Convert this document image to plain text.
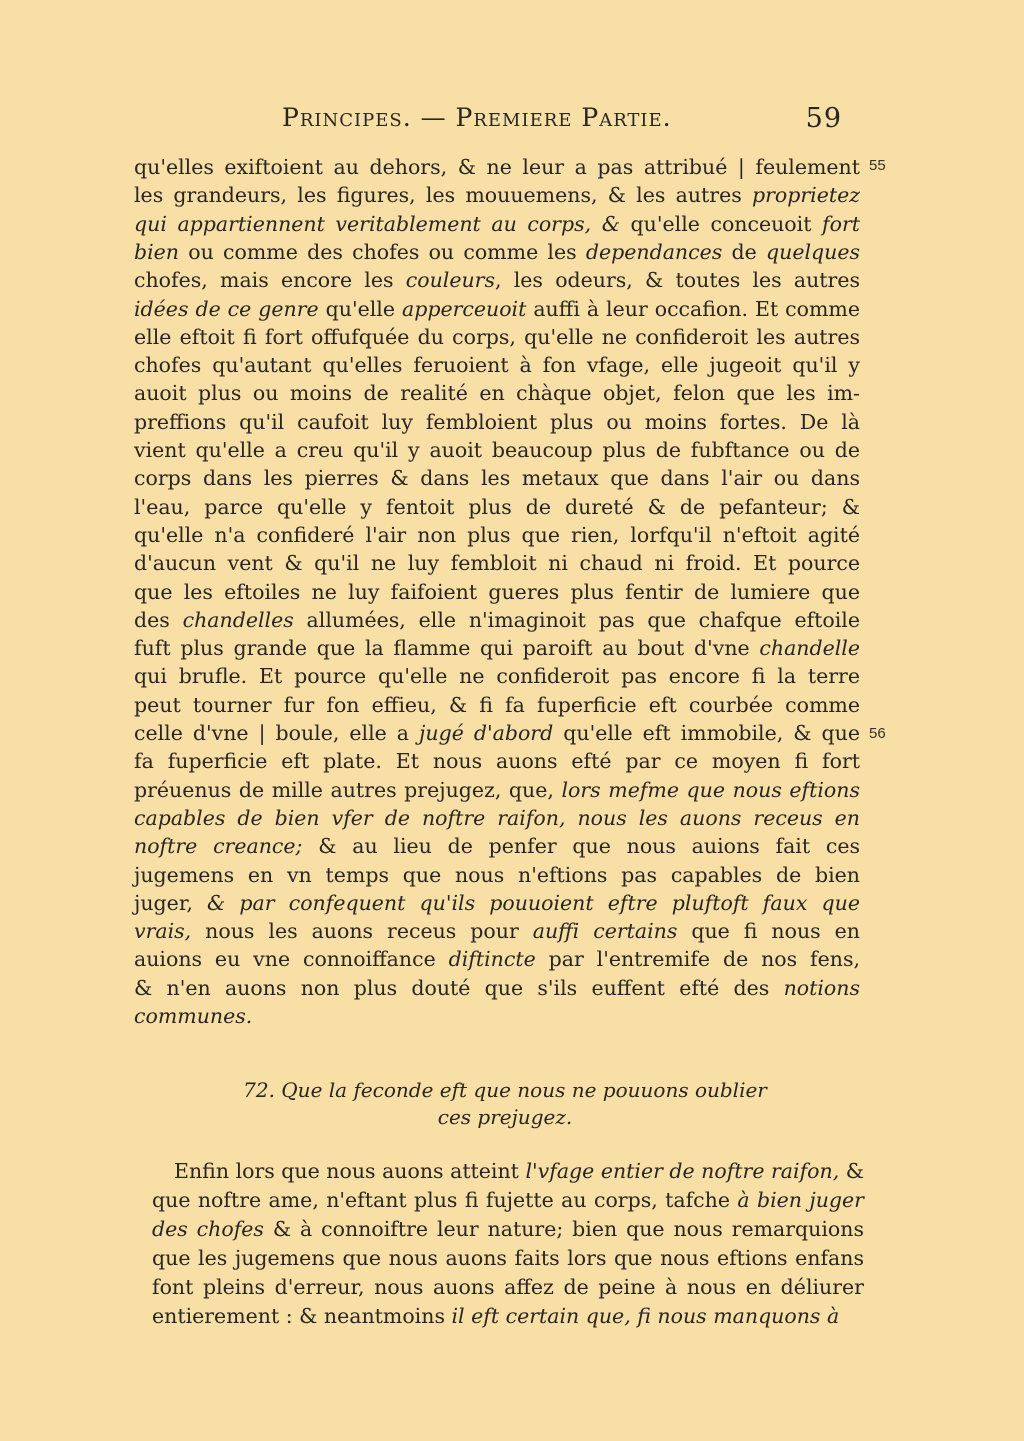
Principes. — Premiere Partie.	59
qu'elles exiftoient au dehors, & ne leur a pas attribué | feulement
les grandeurs, les figures, les mouuemens, & les autres proprietez
qui appartiennent veritablement au corps, & qu'elle conceuoit fort
bien ou comme des chofes ou comme les dependances de quelques
chofes, mais encore les couleurs, les odeurs, & toutes les autres
idées de ce genre qu'elle apperceuoit auffi à leur occafion. Et comme
elle eftoit fi fort offufquée du corps, qu'elle ne confideroit les autres
chofes qu'autant qu'elles feruoient à fon vfage, elle jugeoit qu'il y
auoit plus ou moins de realité en chàque objet, felon que les im-
preffions qu'il caufoit luy fembloient plus ou moins fortes. De là
vient qu'elle a creu qu'il y auoit beaucoup plus de fubftance ou de
corps dans les pierres & dans les metaux que dans l'air ou dans
l'eau, parce qu'elle y fentoit plus de dureté & de pefanteur; &
qu'elle n'a confideré l'air non plus que rien, lorfqu'il n'eftoit agité
d'aucun vent & qu'il ne luy fembloit ni chaud ni froid. Et pource
que les eftoiles ne luy faifoient gueres plus fentir de lumiere que
des chandelles allumées, elle n'imaginoit pas que chafque eftoile
fuft plus grande que la flamme qui paroift au bout d'vne chandelle
qui brufle. Et pource qu'elle ne confideroit pas encore fi la terre
peut tourner fur fon effieu, & fi fa fuperficie eft courbée comme
celle d'vne | boule, elle a jugé d'abord qu'elle eft immobile, & que
fa fuperficie eft plate. Et nous auons efté par ce moyen fi fort
préuenus de mille autres prejugez, que, lors mefme que nous eftions
capables de bien vfer de noftre raifon, nous les auons receus en
noftre creance; & au lieu de penfer que nous auions fait ces
jugemens en vn temps que nous n'eftions pas capables de bien
juger, & par confequent qu'ils pouuoient eftre pluftoft faux que
vrais, nous les auons receus pour auffi certains que fi nous en
auions eu vne connoiffance diftincte par l'entremife de nos fens,
& n'en auons non plus douté que s'ils euffent efté des notions
communes.
55
56
72. Que la feconde eft que nous ne pouuons oublier
ces prejugez.
Enfin lors que nous auons atteint l'vfage entier de noftre raifon, &
que noftre ame, n'eftant plus fi fujette au corps, tafche à bien juger
des chofes & à connoiftre leur nature; bien que nous remarquions
que les jugemens que nous auons faits lors que nous eftions enfans
font pleins d'erreur, nous auons affez de peine à nous en déliurer
entierement : & neantmoins il eft certain que, fi nous manquons à
